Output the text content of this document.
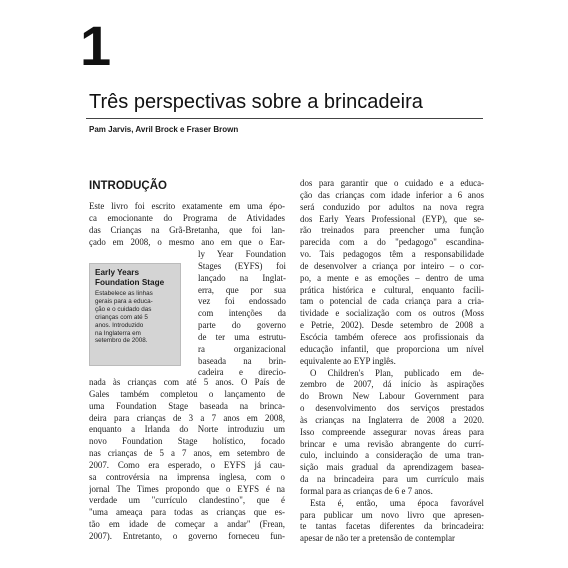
1
Três perspectivas sobre a brincadeira
Pam Jarvis, Avril Brock e Fraser Brown
INTRODUÇÃO
Este livro foi escrito exatamente em uma épo-
ca emocionante do Programa de Atividades
das Crianças na Grã-Bretanha, que foi lan-
çado em 2008, o mesmo ano em que o Ear-
ly Year Foundation
Stages (EYFS) foi
lançado na Inglat-
erra, que por sua
vez foi endossado
com intenções da
parte do governo
de ter uma estrutu-
ra organizacional
baseada na brin-
cadeira e direcio-
Early Years
Foundation Stage
Estabelece as linhas
gerais para a educa-
ção e o cuidado das
crianças com até 5
anos. Introduzido
na Inglaterra em
setembro de 2008.
nada às crianças com até 5 anos. O País de
Gales também completou o lançamento de
uma Foundation Stage baseada na brinca-
deira para crianças de 3 a 7 anos em 2008,
enquanto a Irlanda do Norte introduziu um
novo Foundation Stage holístico, focado
nas crianças de 5 a 7 anos, em setembro de
2007. Como era esperado, o EYFS já cau-
sa controvérsia na imprensa inglesa, com o
jornal The Times propondo que o EYFS é na
verdade um "currículo clandestino", que é
"uma ameaça para todas as crianças que es-
tão em idade de começar a andar" (Frean,
2007). Entretanto, o governo forneceu fun-
dos para garantir que o cuidado e a educa-
ção das crianças com idade inferior a 6 anos
será conduzido por adultos na nova regra
dos Early Years Professional (EYP), que se-
rão treinados para preencher uma função
parecida com a do "pedagogo" escandina-
vo. Tais pedagogos têm a responsabilidade
de desenvolver a criança por inteiro – o cor-
po, a mente e as emoções – dentro de uma
prática histórica e cultural, enquanto facili-
tam o potencial de cada criança para a cria-
tividade e socialização com os outros (Moss
e Petrie, 2002). Desde setembro de 2008 a
Escócia também oferece aos profissionais da
educação infantil, que proporciona um nível
equivalente ao EYP inglês.
O Children's Plan, publicado em de-
zembro de 2007, dá início às aspirações
do Brown New Labour Government para
o desenvolvimento dos serviços prestados
às crianças na Inglaterra de 2008 a 2020.
Isso compreende assegurar novas áreas para
brincar e uma revisão abrangente do currí-
culo, incluindo a consideração de uma tran-
sição mais gradual da aprendizagem basea-
da na brincadeira para um currículo mais
formal para as crianças de 6 e 7 anos.
Esta é, então, uma época favorável
para publicar um novo livro que apresen-
te tantas facetas diferentes da brincadeira:
apesar de não ter a pretensão de contemplar
